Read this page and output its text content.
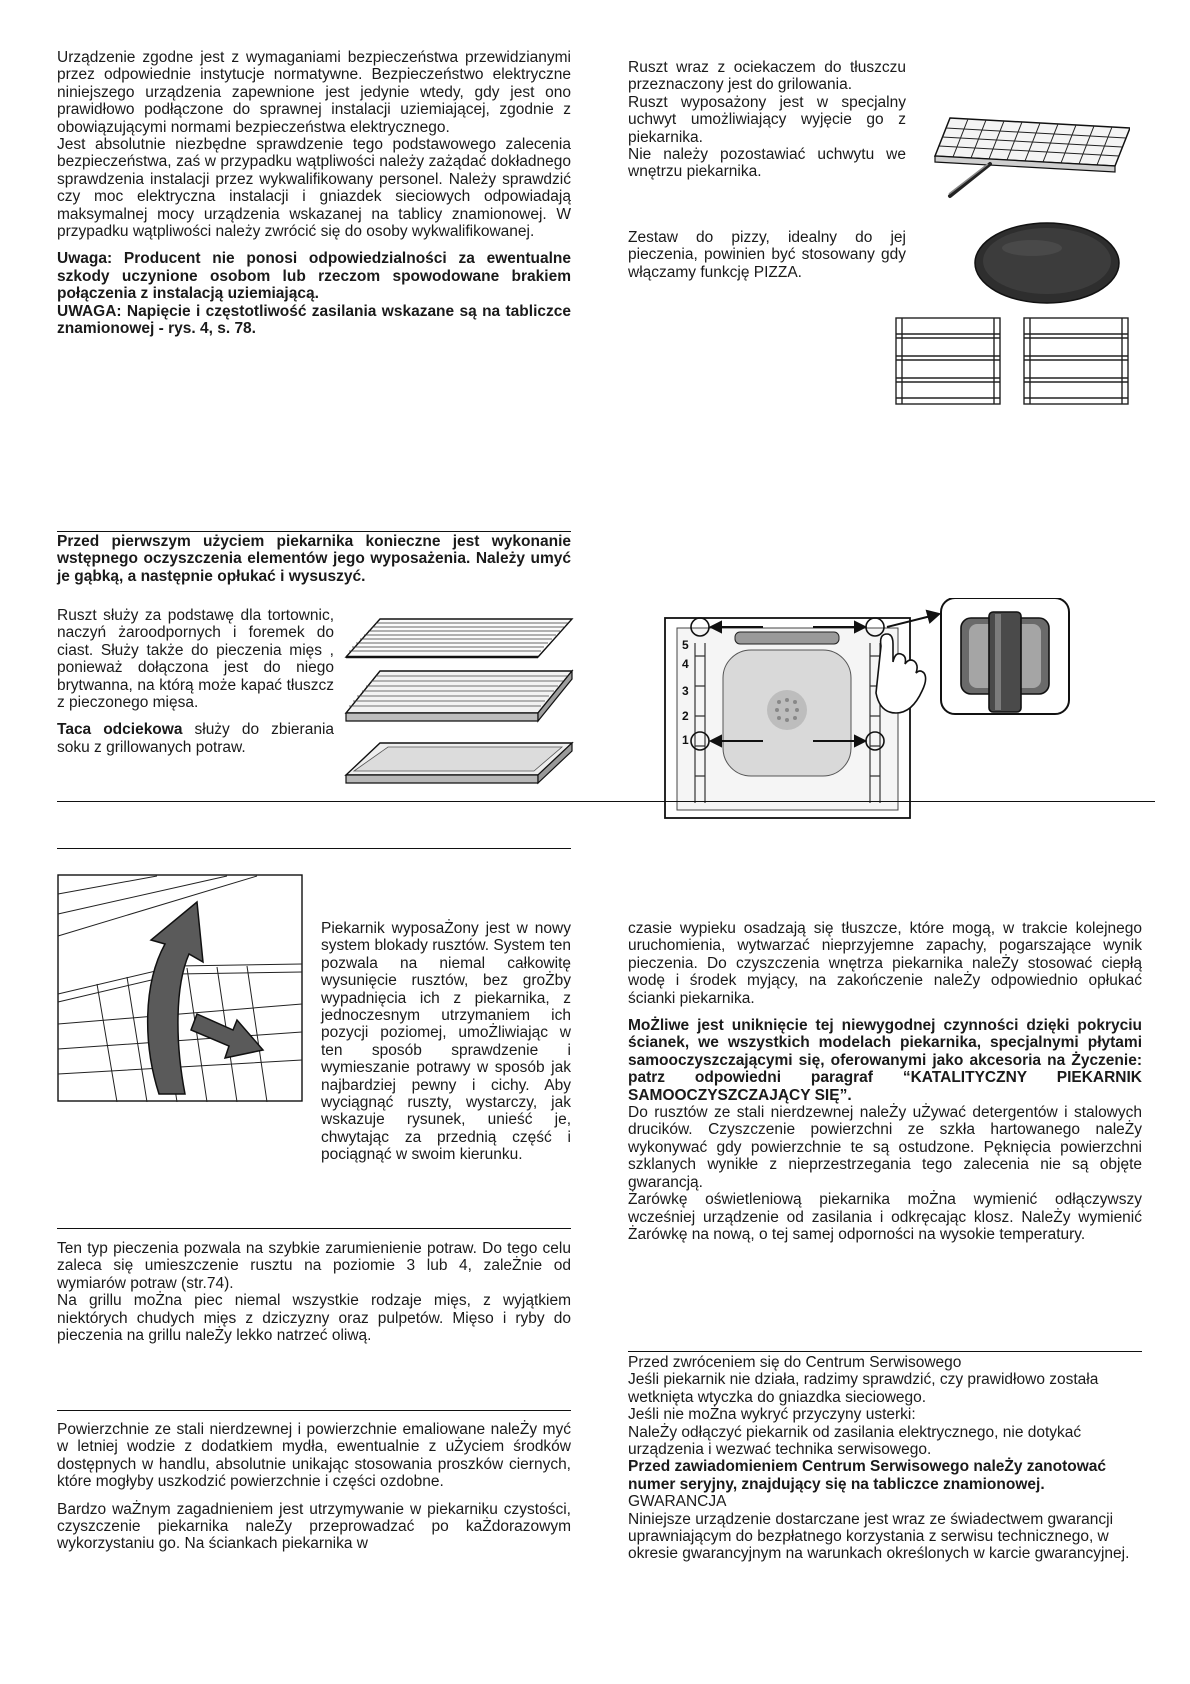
Urządzenie zgodne jest z wymaganiami bezpieczeństwa przewidzianymi przez odpowiednie instytucje normatywne. Bezpieczeństwo elektryczne niniejszego urządzenia zapewnione jest jedynie wtedy, gdy jest ono prawidłowo podłączone do sprawnej instalacji uziemiającej, zgodnie z obowiązującymi normami bezpieczeństwa elektrycznego.

Jest absolutnie niezbędne sprawdzenie tego podstawowego zalecenia bezpieczeństwa, zaś w przypadku wątpliwości należy zażądać dokładnego sprawdzenia instalacji przez wykwalifikowany personel. Należy sprawdzić czy moc elektryczna instalacji i gniazdek sieciowych odpowiadają maksymalnej mocy urządzenia wskazanej na tablicy znamionowej. W przypadku wątpliwości należy zwrócić się do osoby wykwalifikowanej.

Uwaga: Producent nie ponosi odpowiedzialności za ewentualne szkody uczynione osobom lub rzeczom spowodowane brakiem połączenia z instalacją uziemiającą.

UWAGA: Napięcie i częstotliwość zasilania wskazane są na tabliczce znamionowej - rys. 4, s. 78.

Ruszt wraz z ociekaczem do tłuszczu przeznaczony jest do grilowania.

Ruszt wyposażony jest w specjalny uchwyt umożliwiający wyjęcie go z piekarnika.

Nie należy pozostawiać uchwytu we wnętrzu piekarnika.

Zestaw do pizzy, idealny do jej pieczenia, powinien być stosowany gdy włączamy funkcję PIZZA.

Przed pierwszym użyciem piekarnika konieczne jest wykonanie wstępnego oczyszczenia elementów jego wyposażenia. Należy umyć je gąbką, a następnie opłukać i wysuszyć.

Ruszt służy za podstawę dla tortownic, naczyń żaroodpornych i foremek do ciast. Służy także do pieczenia mięs , ponieważ dołączona jest do niego brytwanna, na którą może kapać tłuszcz z pieczonego mięsa.

Taca odciekowa służy do zbierania soku z grillowanych potraw.

5
4
3
2
1

Piekarnik wyposaŻony jest w nowy system blokady rusztów. System ten pozwala na niemal całkowitę wysunięcie rusztów, bez groŻby wypadnięcia ich z piekarnika, z jednoczesnym utrzymaniem ich pozycji poziomej, umoŻliwiając w ten sposób sprawdzenie i wymieszanie potrawy w sposób jak najbardziej pewny i cichy. Aby wyciągnąć ruszty, wystarczy, jak wskazuje rysunek, unieść je, chwytając za przednią część i pociągnąć w swoim kierunku.

Ten typ pieczenia pozwala na szybkie zarumienienie potraw. Do tego celu zaleca się umieszczenie rusztu na poziomie 3 lub 4, zaleŻnie od wymiarów potraw (str.74).

Na grillu moŻna piec niemal wszystkie rodzaje mięs, z wyjątkiem niektórych chudych mięs z dziczyzny oraz pulpetów. Mięso i ryby do pieczenia na grillu naleŻy lekko natrzeć oliwą.

Powierzchnie ze stali nierdzewnej i powierzchnie emaliowane naleŻy myć w letniej wodzie z dodatkiem mydła, ewentualnie z uŻyciem środków dostępnych w handlu, absolutnie unikając stosowania proszków ciernych, które mogłyby uszkodzić powierzchnie i części ozdobne.

Bardzo waŻnym zagadnieniem jest utrzymywanie w piekarniku czystości, czyszczenie piekarnika naleŻy przeprowadzać po kaŻdorazowym wykorzystaniu go. Na ściankach piekarnika w

czasie wypieku osadzają się tłuszcze, które mogą, w trakcie kolejnego uruchomienia, wytwarzać nieprzyjemne zapachy, pogarszające wynik pieczenia. Do czyszczenia wnętrza piekarnika naleŻy stosować ciepłą wodę i środek myjący, na zakończenie naleŻy odpowiednio opłukać ścianki piekarnika.

MoŻliwe jest uniknięcie tej niewygodnej czynności dzięki pokryciu ścianek, we wszystkich modelach piekarnika, specjalnymi płytami samooczyszczającymi się, oferowanymi jako akcesoria na Życzenie: patrz odpowiedni paragraf “KATALITYCZNY PIEKARNIK SAMOOCZYSZCZAJĄCY SIĘ”.

Do rusztów ze stali nierdzewnej naleŻy uŻywać detergentów i stalowych drucików. Czyszczenie powierzchni ze szkła hartowanego naleŻy wykonywać gdy powierzchnie te są ostudzone. Pęknięcia powierzchni szklanych wynikłe z nieprzestrzegania tego zalecenia nie są objęte gwarancją.

Żarówkę oświetleniową piekarnika moŻna wymienić odłączywszy wcześniej urządzenie od zasilania i odkręcając klosz. NaleŻy wymienić Żarówkę na nową, o tej samej odporności na wysokie temperatury.

Przed zwróceniem się do Centrum Serwisowego

Jeśli piekarnik nie działa, radzimy sprawdzić, czy prawidłowo została wetknięta wtyczka do gniazdka sieciowego.

Jeśli nie moŻna wykryć przyczyny usterki:

NaleŻy odłączyć piekarnik od zasilania elektrycznego, nie dotykać urządzenia i wezwać technika serwisowego.

Przed zawiadomieniem Centrum Serwisowego naleŻy zanotować numer seryjny, znajdujący się na tabliczce znamionowej.

GWARANCJA

Niniejsze urządzenie dostarczane jest wraz ze świadectwem gwarancji uprawniającym do bezpłatnego korzystania z serwisu technicznego, w okresie gwarancyjnym na warunkach określonych w karcie gwarancyjnej.
